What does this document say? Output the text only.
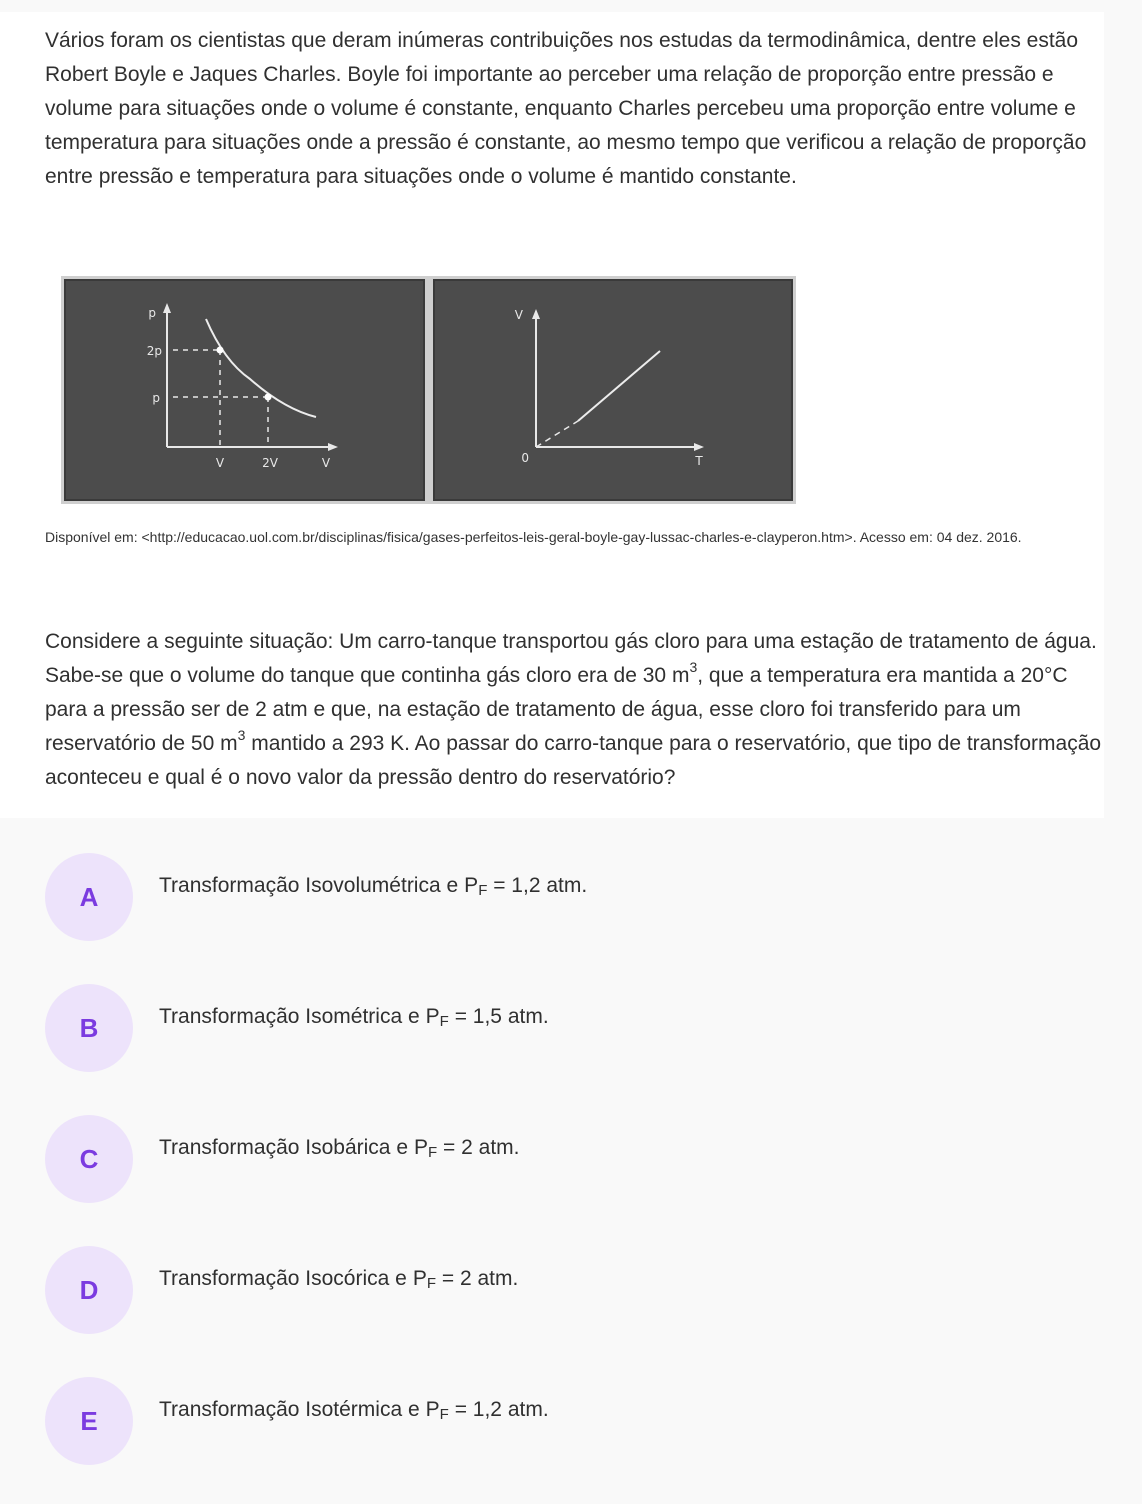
Vários foram os cientistas que deram inúmeras contribuições nos estudas da termodinâmica, dentre eles estão Robert Boyle e Jaques Charles. Boyle foi importante ao perceber uma relação de proporção entre pressão e volume para situações onde o volume é constante, enquanto Charles percebeu uma proporção entre volume e temperatura para situações onde a pressão é constante, ao mesmo tempo que verificou a relação de proporção entre pressão e temperatura para situações onde o volume é mantido constante.

p
2p
p
V	2V	V
V
0	T

Disponível em: <http://educacao.uol.com.br/disciplinas/fisica/gases-perfeitos-leis-geral-boyle-gay-lussac-charles-e-clayperon.htm>. Acesso em: 04 dez. 2016.

Considere a seguinte situação: Um carro-tanque transportou gás cloro para uma estação de tratamento de água. Sabe-se que o volume do tanque que continha gás cloro era de 30 $m^3$, que a temperatura era mantida a 20°C para a pressão ser de 2 atm e que, na estação de tratamento de água, esse cloro foi transferido para um reservatório de 50 $m^3$ mantido a 293 K. Ao passar do carro-tanque para o reservatório, que tipo de transformação aconteceu e qual é o novo valor da pressão dentro do reservatório?

A	Transformação Isovolumétrica e $P_F = 1,2$ atm.
B	Transformação Isométrica e $P_F = 1,5$ atm.
C	Transformação Isobárica e $P_F = 2$ atm.
D	Transformação Isocórica e $P_F = 2$ atm.
E	Transformação Isotérmica e $P_F = 1,2$ atm.
